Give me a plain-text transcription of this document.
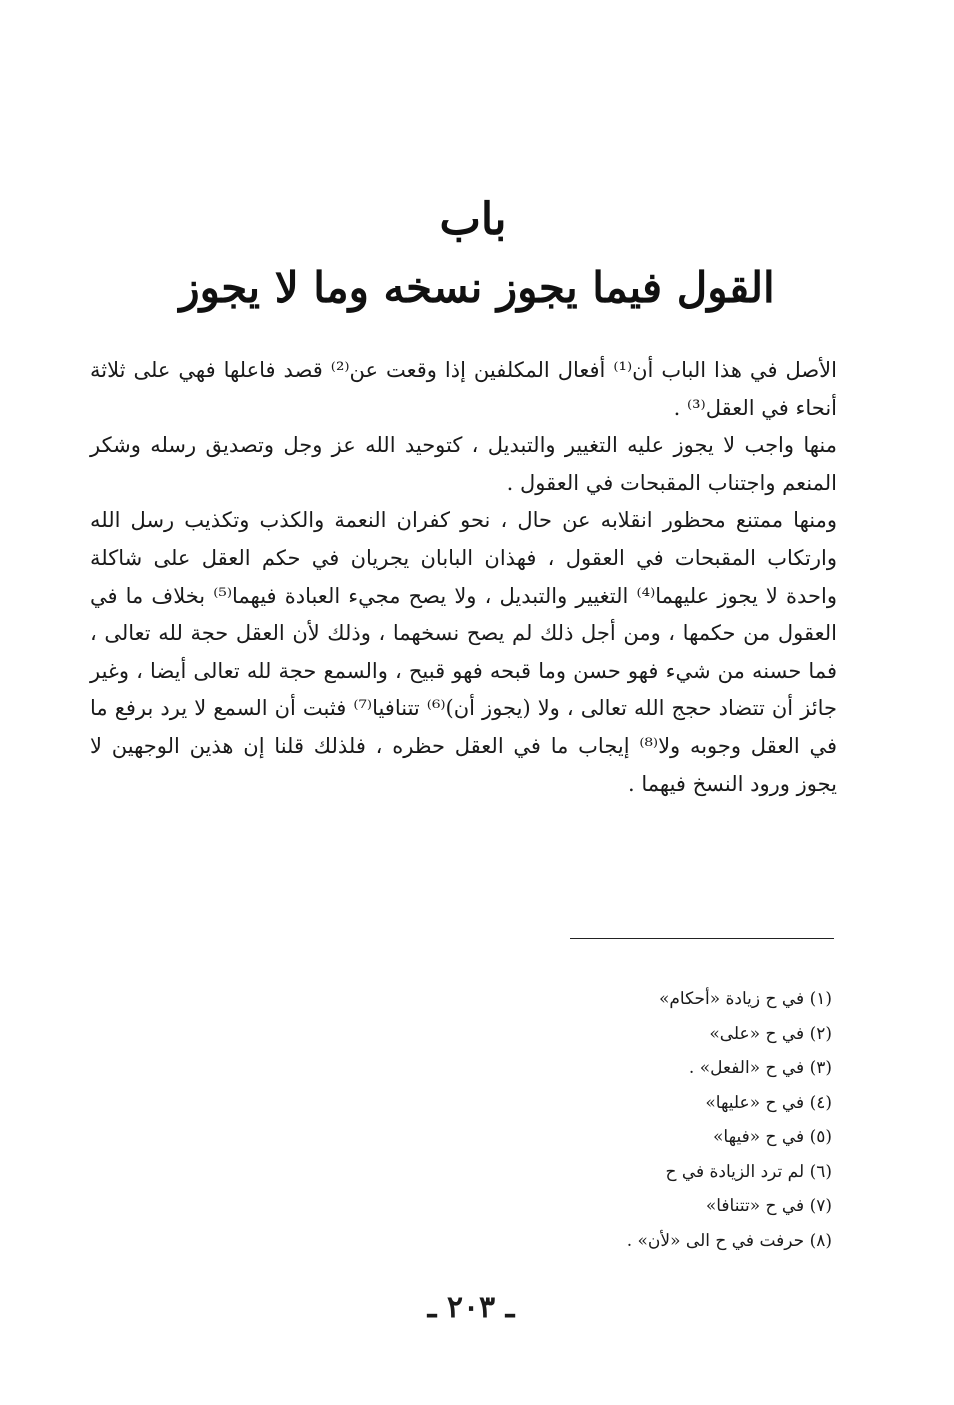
باب
القول فيما يجوز نسخه وما لا يجوز

الأصل في هذا الباب أن⁽¹⁾ أفعال المكلفين إذا وقعت عن⁽²⁾ قصد فاعلها فهي على ثلاثة أنحاء في العقل⁽³⁾ .

منها واجب لا يجوز عليه التغيير والتبديل ، كتوحيد الله عز وجل وتصديق رسله وشكر المنعم واجتناب المقبحات في العقول .

ومنها ممتنع محظور انقلابه عن حال ، نحو كفران النعمة والكذب وتكذيب رسل الله وارتكاب المقبحات في العقول ، فهذان البابان يجريان في حكم العقل على شاكلة واحدة لا يجوز عليهما⁽⁴⁾ التغيير والتبديل ، ولا يصح مجيء العبادة فيهما⁽⁵⁾ بخلاف ما في العقول من حكمها ، ومن أجل ذلك لم يصح نسخهما ، وذلك لأن العقل حجة لله تعالى ، فما حسنه من شيء فهو حسن وما قبحه فهو قبيح ، والسمع حجة لله تعالى أيضا ، وغير جائز أن تتضاد حجج الله تعالى ، ولا (يجوز أن)⁽⁶⁾ تتنافيا⁽⁷⁾ فثبت أن السمع لا يرد برفع ما في العقل وجوبه ولا⁽⁸⁾ إيجاب ما في العقل حظره ، فلذلك قلنا إن هذين الوجهين لا يجوز ورود النسخ فيهما .

(١) في ح زيادة «أحكام»

(٢) في ح «على»

(٣) في ح «الفعل» .

(٤) في ح «عليها»

(٥) في ح «فيها»

(٦) لم ترد الزيادة في ح

(٧) في ح «تتنافا»

(٨) حرفت في ح الى «لأن» .

ـ ٢٠٣ ـ
